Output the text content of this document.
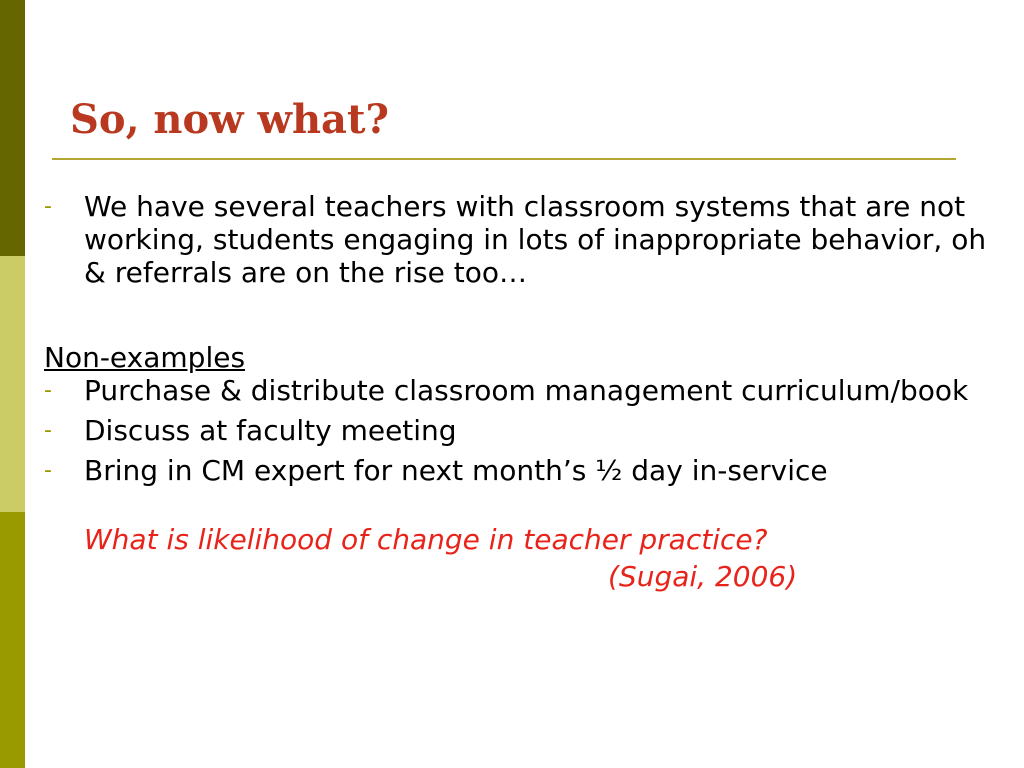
So, now what?
-	We have several teachers with classroom systems that are not working, students engaging in lots of inappropriate behavior, oh & referrals are on the rise too…
Non-examples
-	Purchase & distribute classroom management curriculum/book
-	Discuss at faculty meeting
-	Bring in CM expert for next month’s ½ day in-service
What is likelihood of change in teacher practice?
(Sugai, 2006)
